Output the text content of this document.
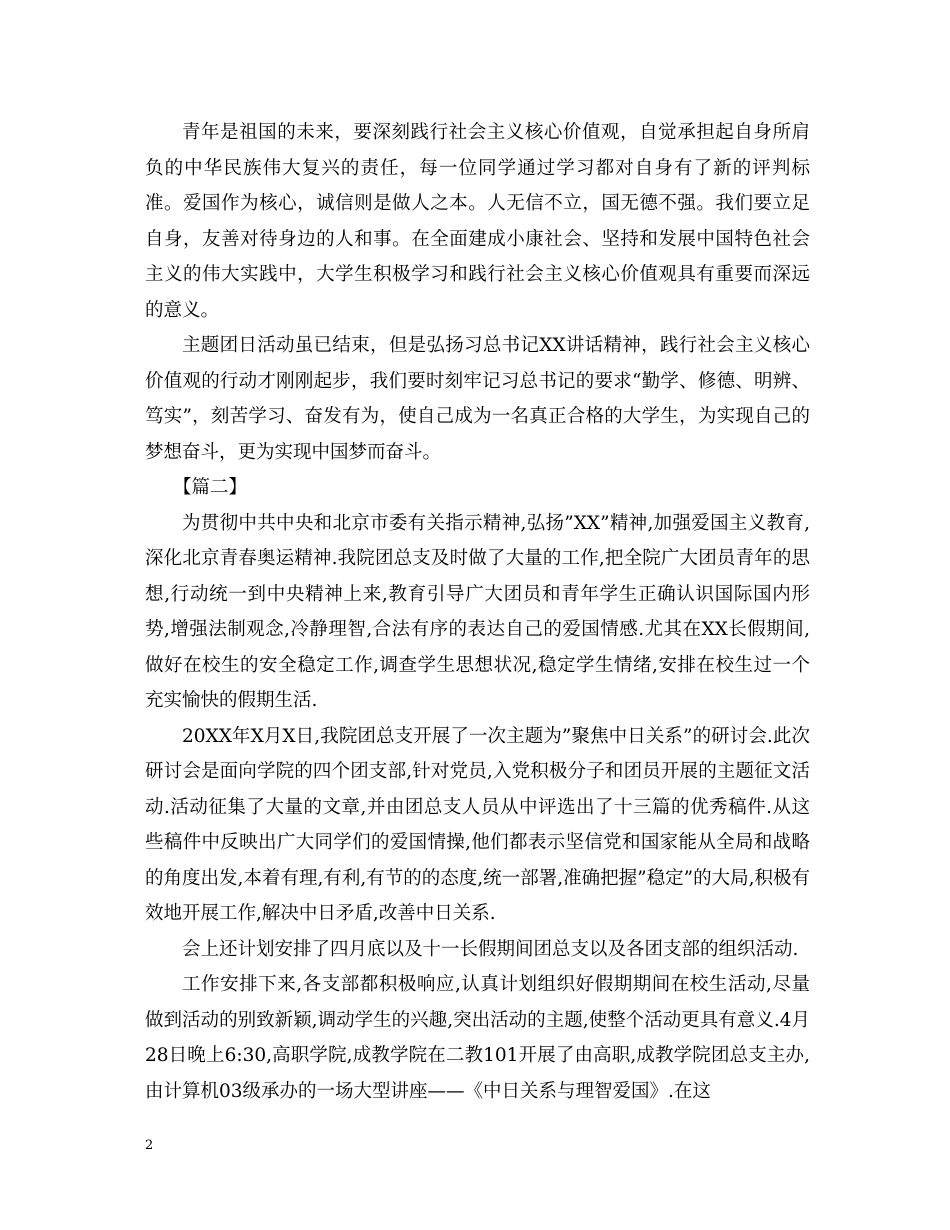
青年是祖国的未来，要深刻践行社会主义核心价值观，自觉承担起自身所肩负的中华民族伟大复兴的责任，每一位同学通过学习都对自身有了新的评判标准。爱国作为核心，诚信则是做人之本。人无信不立，国无德不强。我们要立足自身，友善对待身边的人和事。在全面建成小康社会、坚持和发展中国特色社会主义的伟大实践中，大学生积极学习和践行社会主义核心价值观具有重要而深远的意义。

主题团日活动虽已结束，但是弘扬习总书记XX讲话精神，践行社会主义核心价值观的行动才刚刚起步，我们要时刻牢记习总书记的要求“勤学、修德、明辨、笃实”，刻苦学习、奋发有为，使自己成为一名真正合格的大学生，为实现自己的梦想奋斗，更为实现中国梦而奋斗。

【篇二】

为贯彻中共中央和北京市委有关指示精神,弘扬”XX”精神,加强爱国主义教育,深化北京青春奥运精神.我院团总支及时做了大量的工作,把全院广大团员青年的思想,行动统一到中央精神上来,教育引导广大团员和青年学生正确认识国际国内形势,增强法制观念,冷静理智,合法有序的表达自己的爱国情感.尤其在XX长假期间,做好在校生的安全稳定工作,调查学生思想状况,稳定学生情绪,安排在校生过一个充实愉快的假期生活.

20XX年X月X日,我院团总支开展了一次主题为”聚焦中日关系”的研讨会.此次研讨会是面向学院的四个团支部,针对党员,入党积极分子和团员开展的主题征文活动.活动征集了大量的文章,并由团总支人员从中评选出了十三篇的优秀稿件.从这些稿件中反映出广大同学们的爱国情操,他们都表示坚信党和国家能从全局和战略的角度出发,本着有理,有利,有节的的态度,统一部署,准确把握”稳定”的大局,积极有效地开展工作,解决中日矛盾,改善中日关系.

会上还计划安排了四月底以及十一长假期间团总支以及各团支部的组织活动.

工作安排下来,各支部都积极响应,认真计划组织好假期期间在校生活动,尽量做到活动的别致新颖,调动学生的兴趣,突出活动的主题,使整个活动更具有意义.4月28日晚上6:30,高职学院,成教学院在二教101开展了由高职,成教学院团总支主办,由计算机03级承办的一场大型讲座——《中日关系与理智爱国》.在这

2
